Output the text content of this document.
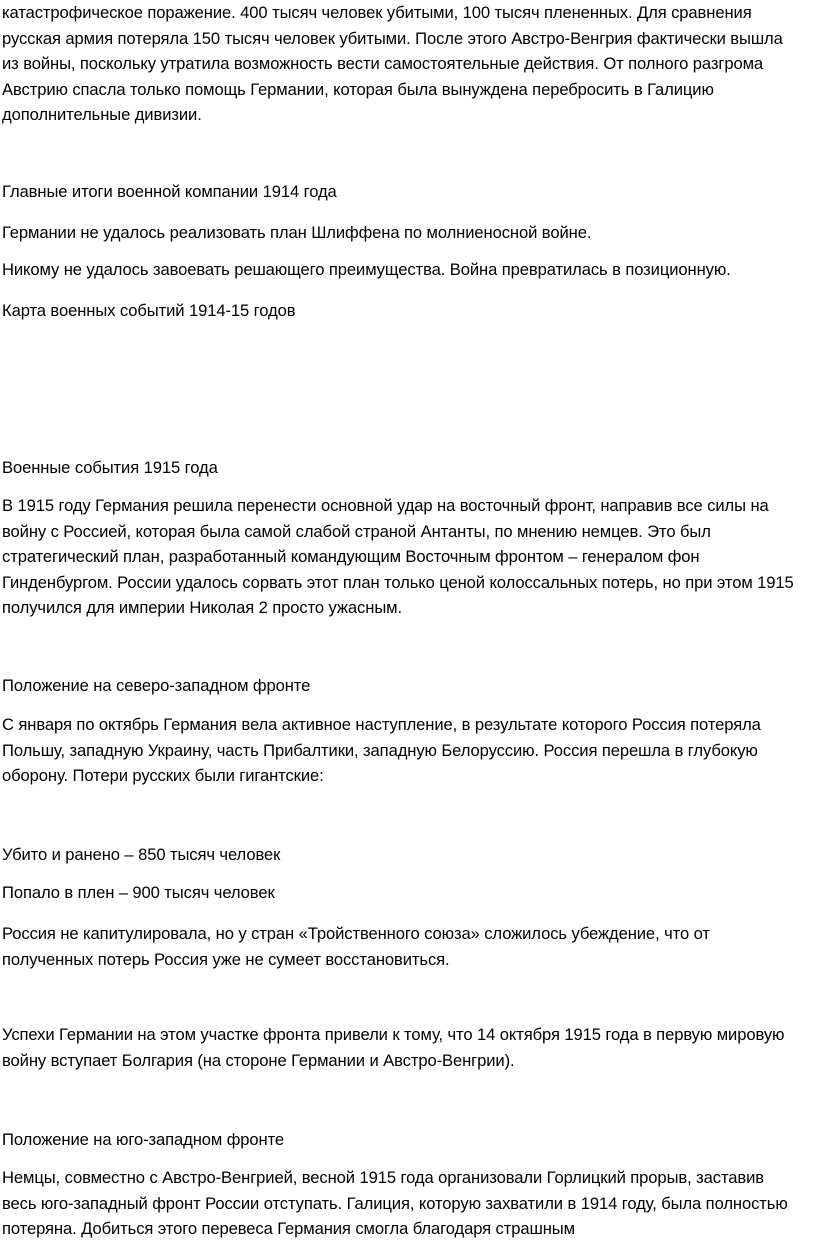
катастрофическое поражение. 400 тысяч человек убитыми, 100 тысяч плененных. Для сравнения русская армия потеряла 150 тысяч человек убитыми. После этого Австро-Венгрия фактически вышла из войны, поскольку утратила возможность вести самостоятельные действия. От полного разгрома Австрию спасла только помощь Германии, которая была вынуждена перебросить в Галицию дополнительные дивизии.

Главные итоги военной компании 1914 года

Германии не удалось реализовать план Шлиффена по молниеносной войне.

Никому не удалось завоевать решающего преимущества. Война превратилась в позиционную.

Карта военных событий 1914-15 годов

Военные события 1915 года

В 1915 году Германия решила перенести основной удар на восточный фронт, направив все силы на войну с Россией, которая была самой слабой страной Антанты, по мнению немцев. Это был стратегический план, разработанный командующим Восточным фронтом – генералом фон Гинденбургом. России удалось сорвать этот план только ценой колоссальных потерь, но при этом 1915 получился для империи Николая 2 просто ужасным.

Положение на северо-западном фронте

С января по октябрь Германия вела активное наступление, в результате которого Россия потеряла Польшу, западную Украину, часть Прибалтики, западную Белоруссию. Россия перешла в глубокую оборону. Потери русских были гигантские:

Убито и ранено – 850 тысяч человек

Попало в плен – 900 тысяч человек

Россия не капитулировала, но у стран «Тройственного союза» сложилось убеждение, что от полученных потерь Россия уже не сумеет восстановиться.

Успехи Германии на этом участке фронта привели к тому, что 14 октября 1915 года в первую мировую войну вступает Болгария (на стороне Германии и Австро-Венгрии).

Положение на юго-западном фронте

Немцы, совместно с Австро-Венгрией, весной 1915 года организовали Горлицкий прорыв, заставив весь юго-западный фронт России отступать. Галиция, которую захватили в 1914 году, была полностью потеряна. Добиться этого перевеса Германия смогла благодаря страшным
